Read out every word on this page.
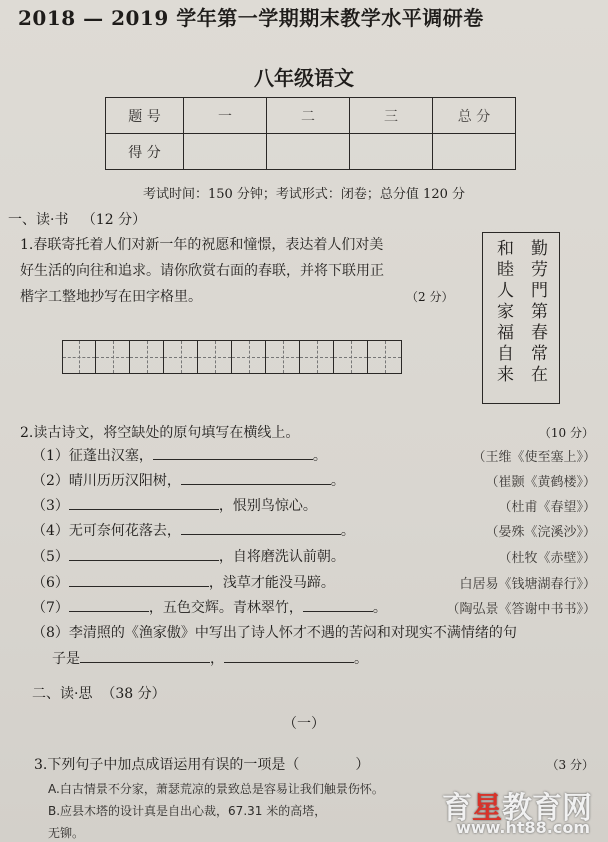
2018 — 2019 学年第一学期期末教学水平调研卷
八年级语文
题 号	一	二	三	总 分
得 分				
考试时间：150 分钟；考试形式：闭卷；总分值 120 分
一、读·书 （12 分）
1.春联寄托着人们对新一年的祝愿和憧憬，表达着人们对美
好生活的向往和追求。请你欣赏右面的春联，并将下联用正
楷字工整地抄写在田字格里。	（2 分）	勤劳門第春常在
和睦人家福自来
2.读古诗文，将空缺处的原句填写在横线上。	（10 分）
（1）征蓬出汉塞，	。	（王维《使至塞上》）
（2）晴川历历汉阳树，	。	（崔颢《黄鹤楼》）
（3）	，恨别鸟惊心。	（杜甫《春望》）
（4）无可奈何花落去，	。	（晏殊《浣溪沙》）
（5）	，自将磨洗认前朝。	（杜牧《赤壁》）
（6）	，浅草才能没马蹄。	白居易《钱塘湖春行》）
（7）	，五色交辉。青林翠竹，	。	（陶弘景《答谢中书书》）
（8）李清照的《渔家傲》中写出了诗人怀才不遇的苦闷和对现实不满情绪的句
子是	，	。
二、读·思 （38 分）
（一）
3.下列句子中加点成语运用有误的一项是（	）	（3 分）
A.白古情景不分家，萧瑟荒凉的景致总是容易让我们触景伤怀。
B.应县木塔的设计真是自出心裁，67.31 米的高塔，
无铆。
育星教育网
www.ht88.com
